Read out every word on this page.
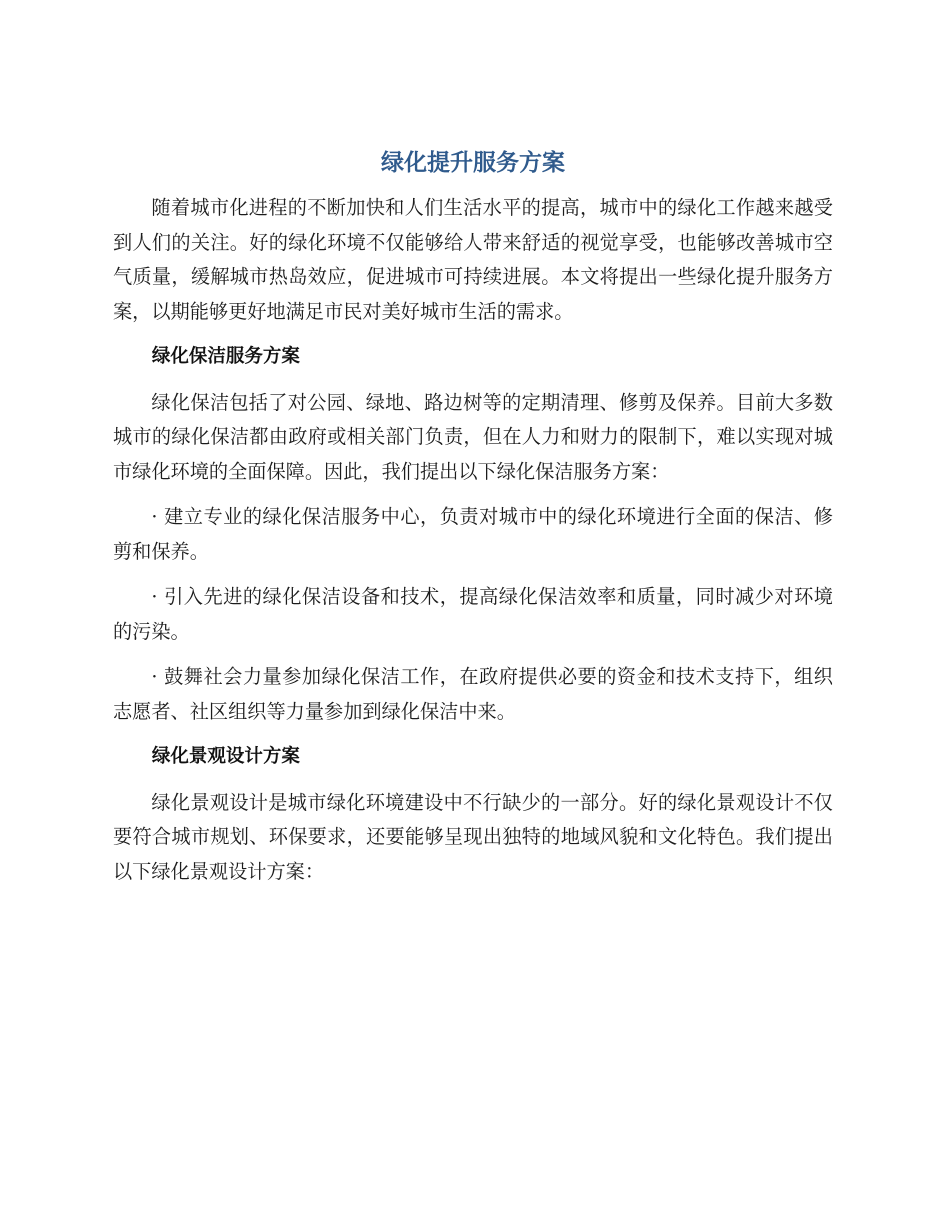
绿化提升服务方案

随着城市化进程的不断加快和人们生活水平的提高，城市中的绿化工作越来越受到人们的关注。好的绿化环境不仅能够给人带来舒适的视觉享受，也能够改善城市空气质量，缓解城市热岛效应，促进城市可持续进展。本文将提出一些绿化提升服务方案，以期能够更好地满足市民对美好城市生活的需求。

绿化保洁服务方案

绿化保洁包括了对公园、绿地、路边树等的定期清理、修剪及保养。目前大多数城市的绿化保洁都由政府或相关部门负责，但在人力和财力的限制下，难以实现对城市绿化环境的全面保障。因此，我们提出以下绿化保洁服务方案：

· 建立专业的绿化保洁服务中心，负责对城市中的绿化环境进行全面的保洁、修剪和保养。

· 引入先进的绿化保洁设备和技术，提高绿化保洁效率和质量，同时减少对环境的污染。

· 鼓舞社会力量参加绿化保洁工作，在政府提供必要的资金和技术支持下，组织志愿者、社区组织等力量参加到绿化保洁中来。

绿化景观设计方案

绿化景观设计是城市绿化环境建设中不行缺少的一部分。好的绿化景观设计不仅要符合城市规划、环保要求，还要能够呈现出独特的地域风貌和文化特色。我们提出以下绿化景观设计方案：
